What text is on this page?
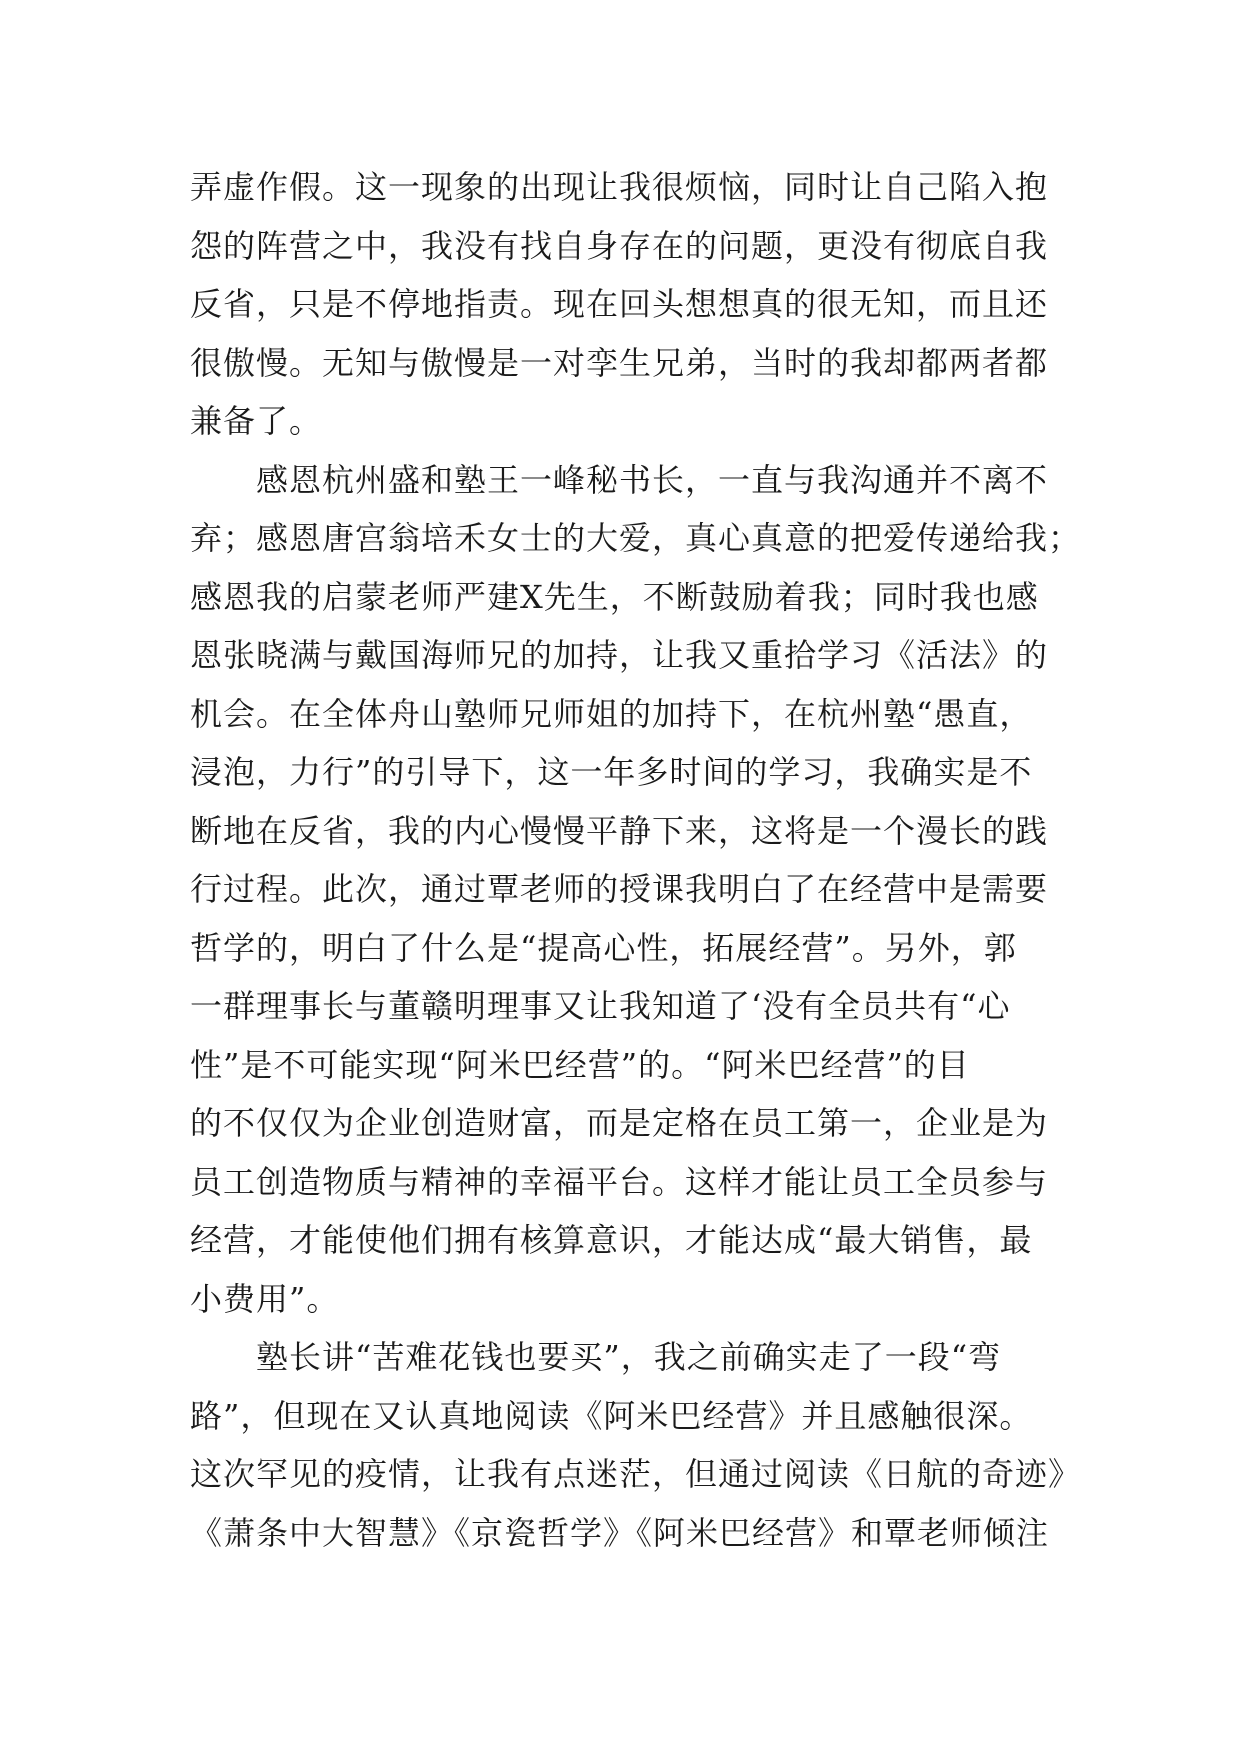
弄虚作假。这一现象的出现让我很烦恼，同时让自己陷入抱
怨的阵营之中，我没有找自身存在的问题，更没有彻底自我
反省，只是不停地指责。现在回头想想真的很无知，而且还
很傲慢。无知与傲慢是一对孪生兄弟，当时的我却都两者都
兼备了。
　　感恩杭州盛和塾王一峰秘书长，一直与我沟通并不离不
弃；感恩唐宫翁培禾女士的大爱，真心真意的把爱传递给我；
感恩我的启蒙老师严建X先生，不断鼓励着我；同时我也感
恩张晓满与戴国海师兄的加持，让我又重拾学习《活法》的
机会。在全体舟山塾师兄师姐的加持下，在杭州塾“愚直，
浸泡，力行”的引导下，这一年多时间的学习，我确实是不
断地在反省，我的内心慢慢平静下来，这将是一个漫长的践
行过程。此次，通过覃老师的授课我明白了在经营中是需要
哲学的，明白了什么是“提高心性，拓展经营”。另外，郭
一群理事长与董赣明理事又让我知道了‘没有全员共有“心
性”是不可能实现“阿米巴经营”的。“阿米巴经营”的目
的不仅仅为企业创造财富，而是定格在员工第一，企业是为
员工创造物质与精神的幸福平台。这样才能让员工全员参与
经营，才能使他们拥有核算意识，才能达成“最大销售，最
小费用”。
　　塾长讲“苦难花钱也要买”，我之前确实走了一段“弯
路”，但现在又认真地阅读《阿米巴经营》并且感触很深。
这次罕见的疫情，让我有点迷茫，但通过阅读《日航的奇迹》
《萧条中大智慧》《京瓷哲学》《阿米巴经营》和覃老师倾注
